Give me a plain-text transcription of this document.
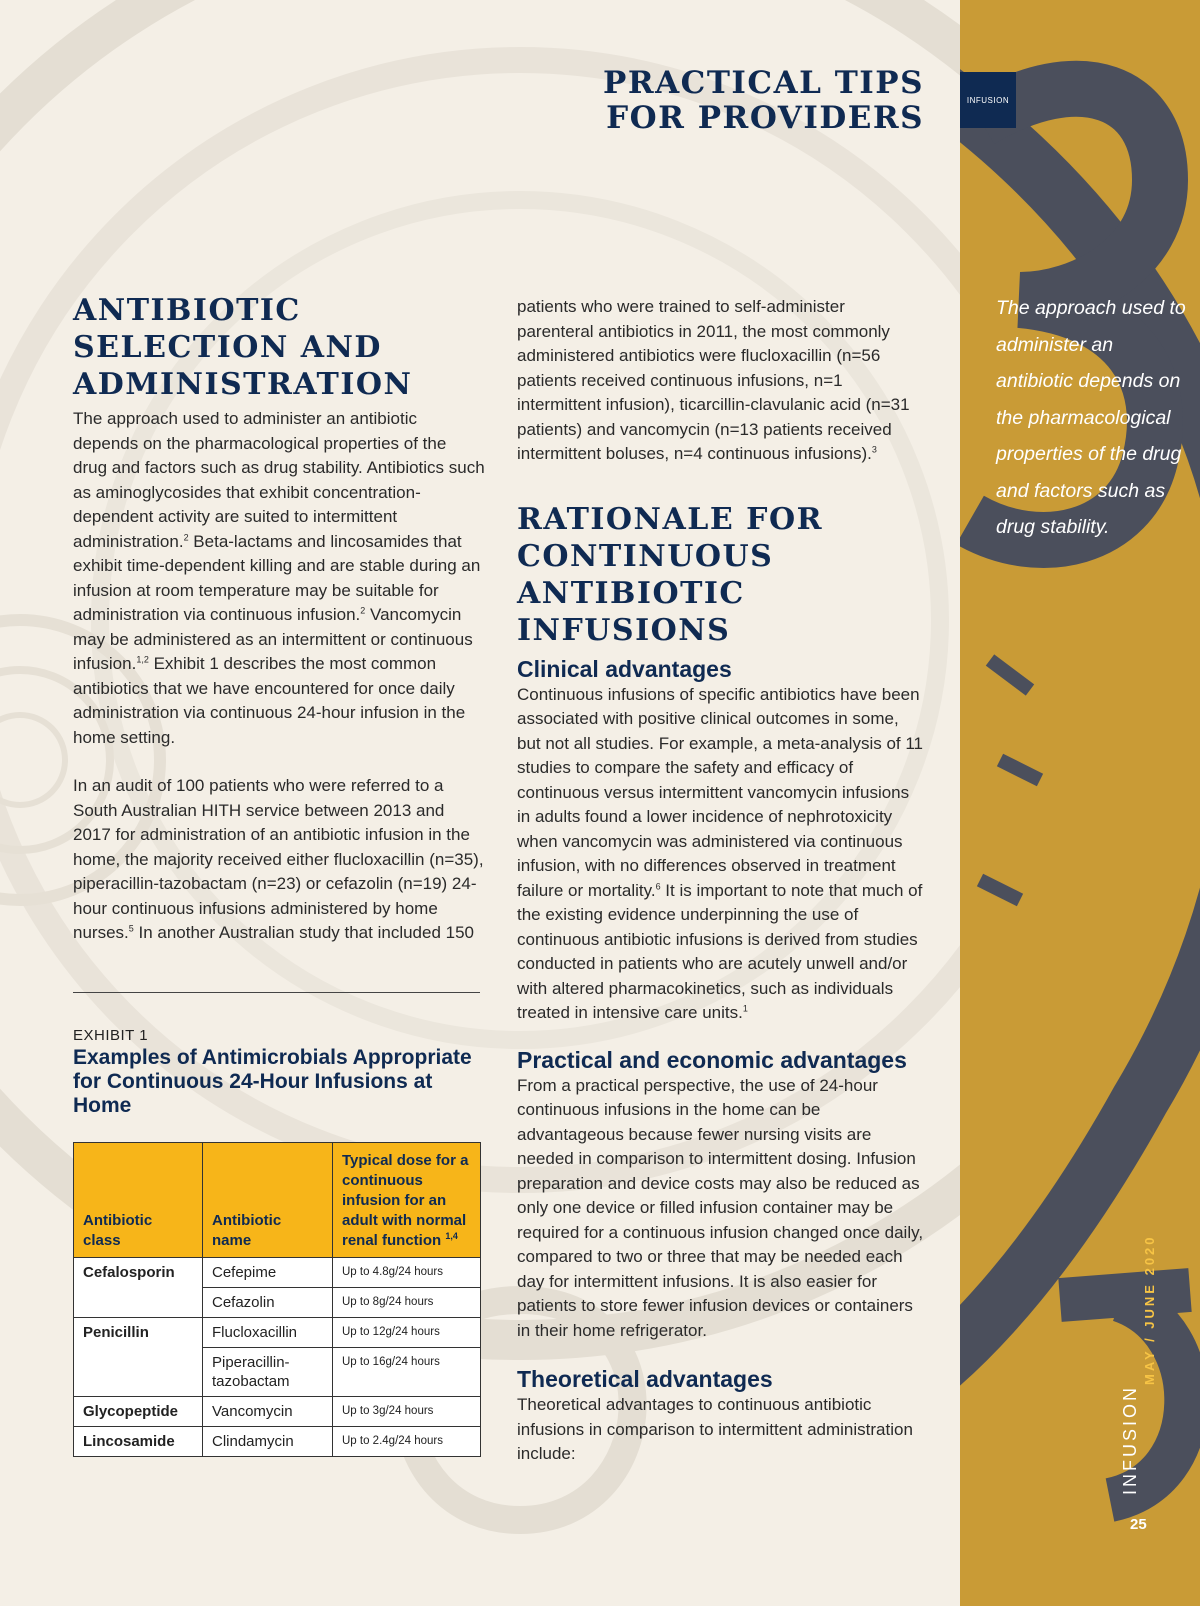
INFUSION
PRACTICAL TIPS
FOR PROVIDERS
ANTIBIOTIC
SELECTION AND
ADMINISTRATION

The approach used to administer an antibiotic depends on the pharmacological properties of the drug and factors such as drug stability. Antibiotics such as aminoglycosides that exhibit concentration-dependent activity are suited to intermittent administration.$^2$ Beta-lactams and lincosamides that exhibit time-dependent killing and are stable during an infusion at room temperature may be suitable for administration via continuous infusion.$^2$ Vancomycin may be administered as an intermittent or continuous infusion.$^{1,2}$ Exhibit 1 describes the most common antibiotics that we have encountered for once daily administration via continuous 24-hour infusion in the home setting.

In an audit of 100 patients who were referred to a South Australian HITH service between 2013 and 2017 for administration of an antibiotic infusion in the home, the majority received either flucloxacillin (n=35), piperacillin-tazobactam (n=23) or cefazolin (n=19) 24-hour continuous infusions administered by home nurses.$^5$ In another Australian study that included 150

EXHIBIT 1
Examples of Antimicrobials Appropriate for Continuous 24-Hour Infusions at Home
Antibiotic class	Antibiotic name	Typical dose for a continuous infusion for an adult with normal renal function $^{1,4}$
Cefalosporin	Cefepime	Up to 4.8g/24 hours
	Cefazolin	Up to 8g/24 hours
Penicillin	Flucloxacillin	Up to 12g/24 hours
	Piperacillin-tazobactam	Up to 16g/24 hours
Glycopeptide	Vancomycin	Up to 3g/24 hours
Lincosamide	Clindamycin	Up to 2.4g/24 hours

patients who were trained to self-administer parenteral antibiotics in 2011, the most commonly administered antibiotics were flucloxacillin (n=56 patients received continuous infusions, n=1 intermittent infusion), ticarcillin-clavulanic acid (n=31 patients) and vancomycin (n=13 patients received intermittent boluses, n=4 continuous infusions).$^3$

RATIONALE FOR
CONTINUOUS
ANTIBIOTIC INFUSIONS
Clinical advantages

Continuous infusions of specific antibiotics have been associated with positive clinical outcomes in some, but not all studies. For example, a meta-analysis of 11 studies to compare the safety and efficacy of continuous versus intermittent vancomycin infusions in adults found a lower incidence of nephrotoxicity when vancomycin was administered via continuous infusion, with no differences observed in treatment failure or mortality.$^6$ It is important to note that much of the existing evidence underpinning the use of continuous antibiotic infusions is derived from studies conducted in patients who are acutely unwell and/or with altered pharmacokinetics, such as individuals treated in intensive care units.$^1$

Practical and economic advantages

From a practical perspective, the use of 24-hour continuous infusions in the home can be advantageous because fewer nursing visits are needed in comparison to intermittent dosing. Infusion preparation and device costs may also be reduced as only one device or filled infusion container may be required for a continuous infusion changed once daily, compared to two or three that may be needed each day for intermittent infusions. It is also easier for patients to store fewer infusion devices or containers in their home refrigerator.

Theoretical advantages

Theoretical advantages to continuous antibiotic infusions in comparison to intermittent administration include:

The approach used to administer an antibiotic depends on the pharmacological properties of the drug and factors such as drug stability.
MAY / JUNE 2020
INFUSION
25
